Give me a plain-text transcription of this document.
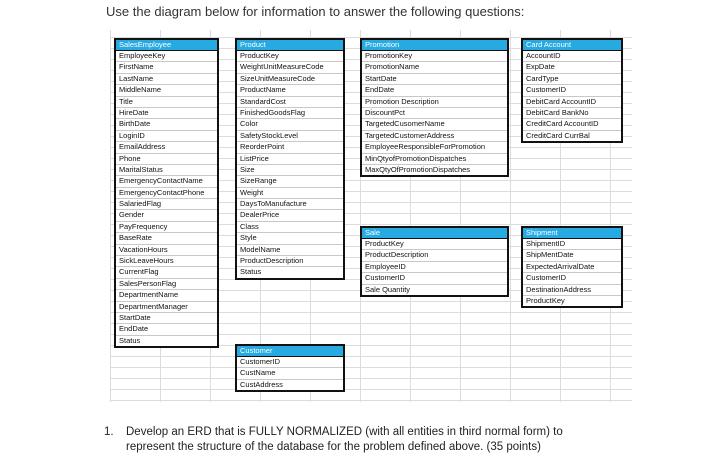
Use the diagram below for information to answer the following questions:
SalesEmployee
EmployeeKey
FirstName
LastName
MiddleName
Title
HireDate
BirthDate
LoginID
EmailAddress
Phone
MaritalStatus
EmergencyContactName
EmergencyContactPhone
SalariedFlag
Gender
PayFrequency
BaseRate
VacationHours
SickLeaveHours
CurrentFlag
SalesPersonFlag
DepartmentName
DepartmentManager
StartDate
EndDate
Status
Product
ProductKey
WeightUnitMeasureCode
SizeUnitMeasureCode
ProductName
StandardCost
FinishedGoodsFlag
Color
SafetyStockLevel
ReorderPoint
ListPrice
Size
SizeRange
Weight
DaysToManufacture
DealerPrice
Class
Style
ModelName
ProductDescription
Status
Customer
CustomerID
CustName
CustAddress
Promotion
PromotionKey
PromotionName
StartDate
EndDate
Promotion Description
DiscountPct
TargetedCusomerName
TargetedCustomerAddress
EmployeeResponsibleForPromotion
MinQtyofPromotionDispatches
MaxQtyOfPromotionDispatches
Sale
ProductKey
ProductDescription
EmployeeID
CustomerID
Sale Quantity
Card Account
AccountID
ExpDate
CardType
CustomerID
DebitCard AccountID
DebitCard BankNo
CreditCard AccountID
CreditCard CurrBal
Shipment
ShipmentID
ShipMentDate
ExpectedArrivalDate
CustomerID
DestinationAddress
ProductKey
1. Develop an ERD that is FULLY NORMALIZED (with all entities in third normal form) to
represent the structure of the database for the problem defined above. (35 points)
